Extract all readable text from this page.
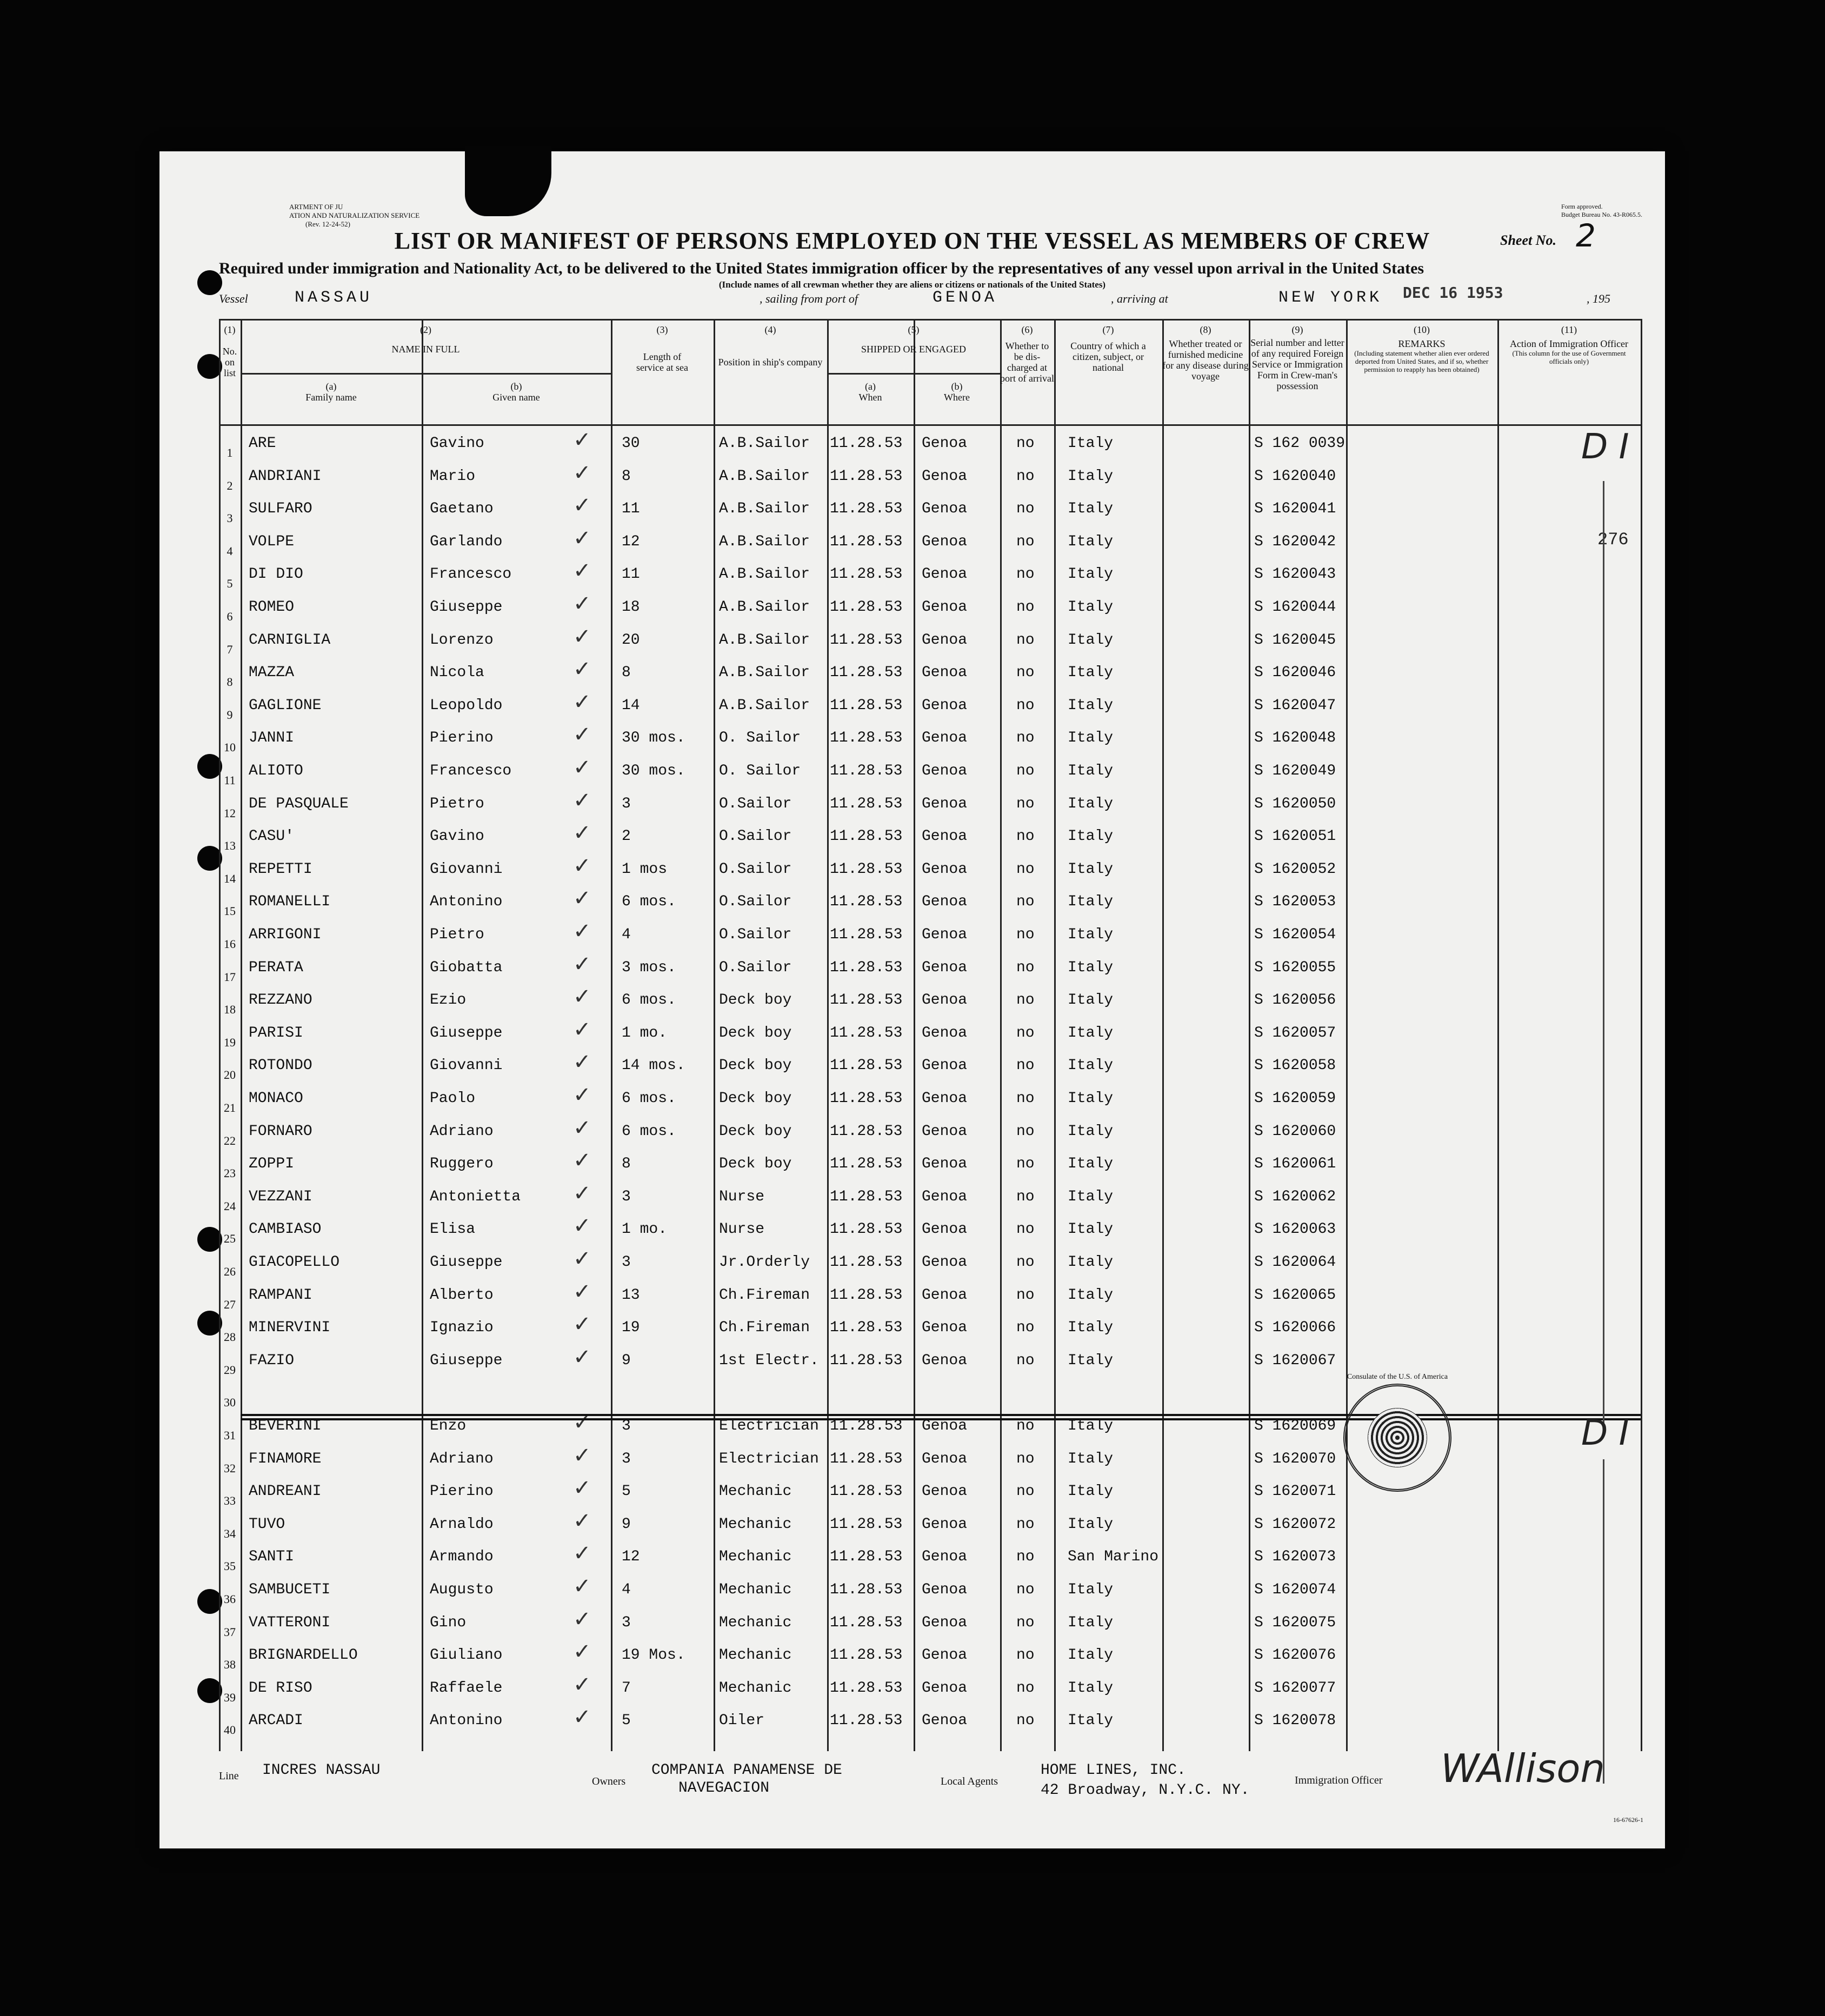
ARTMENT OF JU
ATION AND NATURALIZATION SERVICE
(Rev. 12-24-52)
Form approved.
Budget Bureau No. 43-R065.5.
LIST OR MANIFEST OF PERSONS EMPLOYED ON THE VESSEL AS MEMBERS OF CREW	Sheet No. 2
Required under immigration and Nationality Act, to be delivered to the United States immigration officer by the representatives of any vessel upon arrival in the United States
(Include names of all crewman whether they are aliens or citizens or nationals of the United States)
Vessel	NASSAU	, sailing from port of	GENOA	, arriving at	NEW YORK	, 195
DEC 16 1953
(1)
No. on list
(2)
NAME IN FULL
(a)
Family name
(b)
Given name
(3)
Length of service at sea
(4)
Position in ship's company
(5)
SHIPPED OR ENGAGED
(a)
When
(b)
Where
(6)
Whether to be dis-charged at port of arrival
(7)
Country of which a citizen, subject, or national
(8)
Whether treated or furnished medicine for any disease during voyage
(9)
Serial number and letter of any required Foreign Service or Immigration Form in Crew-man's possession
(10)
REMARKS
(Including statement whether alien ever ordered deported from United States, and if so, whether permission to reapply has been obtained)
(11)
Action of Immigration Officer
(This column for the use of Government officials only)
1
ARE	Gavino	30	A.B.Sailor 11.28.53 Genoa	no Italy	S 162 0039
✓
2
ANDRIANI	Mario	8	A.B.Sailor 11.28.53 Genoa	no Italy	S 1620040
✓
3
SULFARO	Gaetano	11	A.B.Sailor 11.28.53 Genoa	no Italy	S 1620041
✓
4
VOLPE	Garlando	12	A.B.Sailor 11.28.53 Genoa	no Italy	S 1620042
✓
5
DI DIO	Francesco	11	A.B.Sailor 11.28.53 Genoa	no Italy	S 1620043
✓
6
ROMEO	Giuseppe	18	A.B.Sailor 11.28.53 Genoa	no Italy	S 1620044
✓
7
CARNIGLIA	Lorenzo	20	A.B.Sailor 11.28.53 Genoa	no Italy	S 1620045
✓
8
MAZZA	Nicola	8	A.B.Sailor 11.28.53 Genoa	no Italy	S 1620046
✓
9
GAGLIONE	Leopoldo	14	A.B.Sailor 11.28.53 Genoa	no Italy	S 1620047
✓
10
JANNI	Pierino	30 mos. O. Sailor 11.28.53 Genoa	no Italy	S 1620048
✓
11
ALIOTO	Francesco	30 mos. O. Sailor 11.28.53 Genoa	no Italy	S 1620049
✓
12
DE PASQUALE	Pietro	3	O.Sailor	11.28.53 Genoa	no Italy	S 1620050
✓
13
CASU'	Gavino	2	O.Sailor	11.28.53 Genoa	no Italy	S 1620051
✓
14
REPETTI	Giovanni	1 mos	O.Sailor	11.28.53 Genoa	no Italy	S 1620052
✓
15
ROMANELLI	Antonino	6 mos.	O.Sailor	11.28.53 Genoa	no Italy	S 1620053
✓
16
ARRIGONI	Pietro	4	O.Sailor	11.28.53 Genoa	no Italy	S 1620054
✓
17
PERATA	Giobatta	3 mos.	O.Sailor	11.28.53 Genoa	no Italy	S 1620055
✓
18
REZZANO	Ezio	6 mos.	Deck boy	11.28.53 Genoa	no Italy	S 1620056
✓
19
PARISI	Giuseppe	1 mo.	Deck boy	11.28.53 Genoa	no Italy	S 1620057
✓
20
ROTONDO	Giovanni	14 mos. Deck boy	11.28.53 Genoa	no Italy	S 1620058
✓
21
MONACO	Paolo	6 mos.	Deck boy	11.28.53 Genoa	no Italy	S 1620059
✓
22
FORNARO	Adriano	6 mos.	Deck boy	11.28.53 Genoa	no Italy	S 1620060
✓
23
ZOPPI	Ruggero	8	Deck boy	11.28.53 Genoa	no Italy	S 1620061
✓
24
VEZZANI	Antonietta	3	Nurse	11.28.53 Genoa	no Italy	S 1620062
✓
25
CAMBIASO	Elisa	1 mo.	Nurse	11.28.53 Genoa	no Italy	S 1620063
✓
26
GIACOPELLO	Giuseppe	3	Jr.Orderly 11.28.53 Genoa	no Italy	S 1620064
✓
27
RAMPANI	Alberto	13	Ch.Fireman 11.28.53 Genoa	no Italy	S 1620065
✓
28
MINERVINI	Ignazio	19	Ch.Fireman 11.28.53 Genoa	no Italy	S 1620066
✓
29
FAZIO	Giuseppe	9	1st Electr. 11.28.53 Genoa	no Italy	S 1620067
✓
30
31
BEVERINI	Enzo	3	Electrician 11.28.53 Genoa	no Italy	S 1620069
✓
32
FINAMORE	Adriano	3	Electrician 11.28.53 Genoa	no Italy	S 1620070
✓
33
ANDREANI	Pierino	5	Mechanic	11.28.53 Genoa	no Italy	S 1620071
✓
34
TUVO	Arnaldo	9	Mechanic	11.28.53 Genoa	no Italy	S 1620072
✓
35
SANTI	Armando	12	Mechanic	11.28.53 Genoa	no San Marino	S 1620073
✓
36
SAMBUCETI	Augusto	4	Mechanic	11.28.53 Genoa	no Italy	S 1620074
✓
37
VATTERONI	Gino	3	Mechanic	11.28.53 Genoa	no Italy	S 1620075
✓
38
BRIGNARDELLO	Giuliano	19 Mos. Mechanic	11.28.53 Genoa	no Italy	S 1620076
✓
39
DE RISO	Raffaele	7	Mechanic	11.28.53 Genoa	no Italy	S 1620077
✓
40
ARCADI	Antonino	5	Oiler	11.28.53 Genoa	no Italy	S 1620078
✓
D I
276
D I
Consulate of the U.S. of America
Line INCRES NASSAU
Owners
COMPANIA PANAMENSE DE
NAVEGACION	Local Agents
HOME LINES, INC.
42 Broadway, N.Y.C. NY.
Immigration Officer WAllison
16-67626-1
